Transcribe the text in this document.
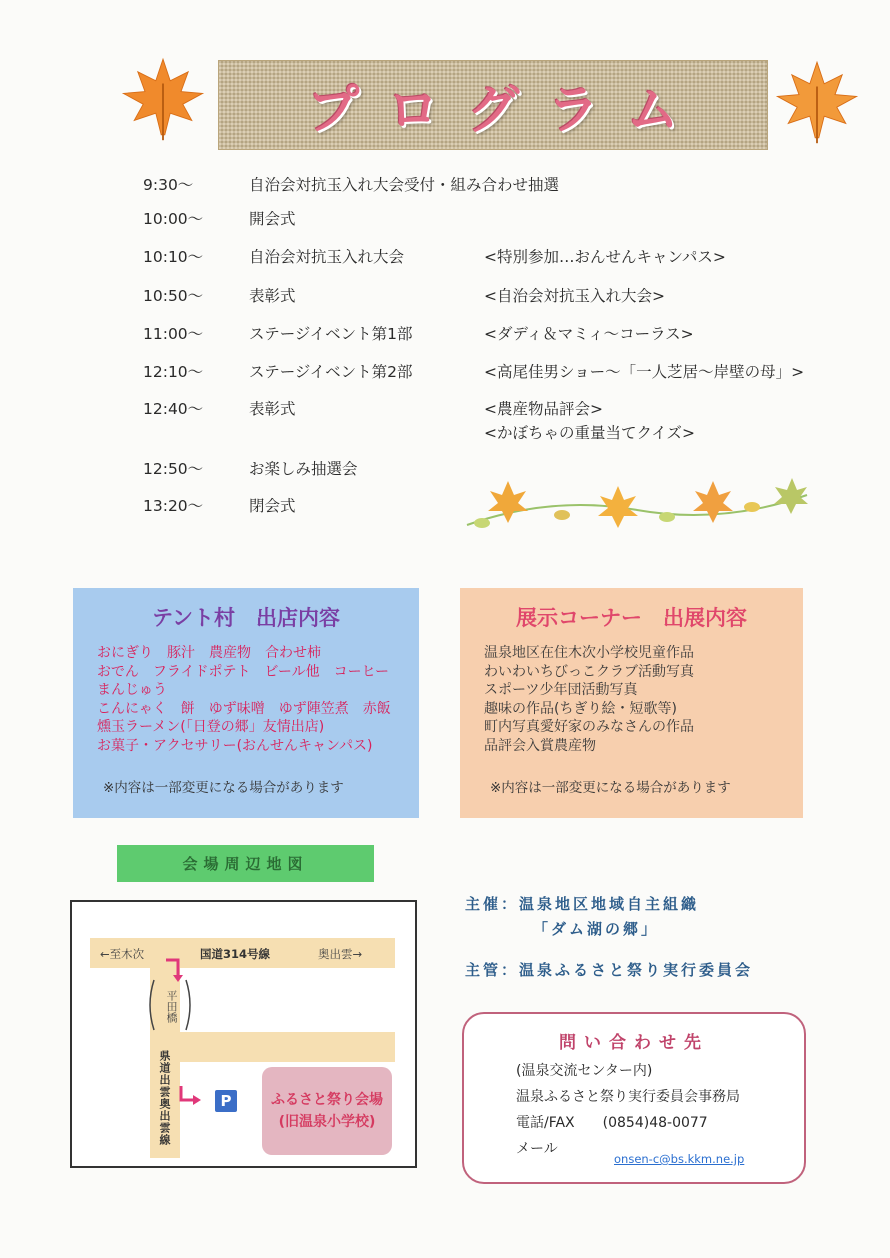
プログラム
9:30〜	自治会対抗玉入れ大会受付・組み合わせ抽選
10:00〜	開会式
10:10〜	自治会対抗玉入れ大会	<特別参加…おんせんキャンパス>
10:50〜	表彰式	<自治会対抗玉入れ大会>
11:00〜	ステージイベント第1部	<ダディ＆マミィ〜コーラス>
12:10〜	ステージイベント第2部	<高尾佳男ショー〜「一人芝居〜岸壁の母」>
12:40〜	表彰式	<農産物品評会>
<かぼちゃの重量当てクイズ>
12:50〜	お楽しみ抽選会
13:20〜	閉会式
テント村　出店内容
おにぎり　豚汁　農産物　合わせ柿
おでん　フライドポテト　ビール他　コーヒー
まんじゅう
こんにゃく　餅　ゆず味噌　ゆず陣笠煮　赤飯
燻玉ラーメン(「日登の郷」友情出店)
お菓子・アクセサリー(おんせんキャンパス)
※内容は一部変更になる場合があります
展示コーナー　出展内容
温泉地区在住木次小学校児童作品
わいわいちびっこクラブ活動写真
スポーツ少年団活動写真
趣味の作品(ちぎり絵・短歌等)
町内写真愛好家のみなさんの作品
品評会入賞農産物
※内容は一部変更になる場合があります
会場周辺地図
←至木次	国道314号線	奥出雲→
平田橋
県道出雲奥出雲線	P	ふるさと祭り会場
(旧温泉小学校)
主催：温泉地区地域自主組織
「ダム湖の郷」
主管：温泉ふるさと祭り実行委員会
問い合わせ先
(温泉交流センター内)
温泉ふるさと祭り実行委員会事務局
電話/FAX　　(0854)48-0077
メール
onsen-c@bs.kkm.ne.jp
